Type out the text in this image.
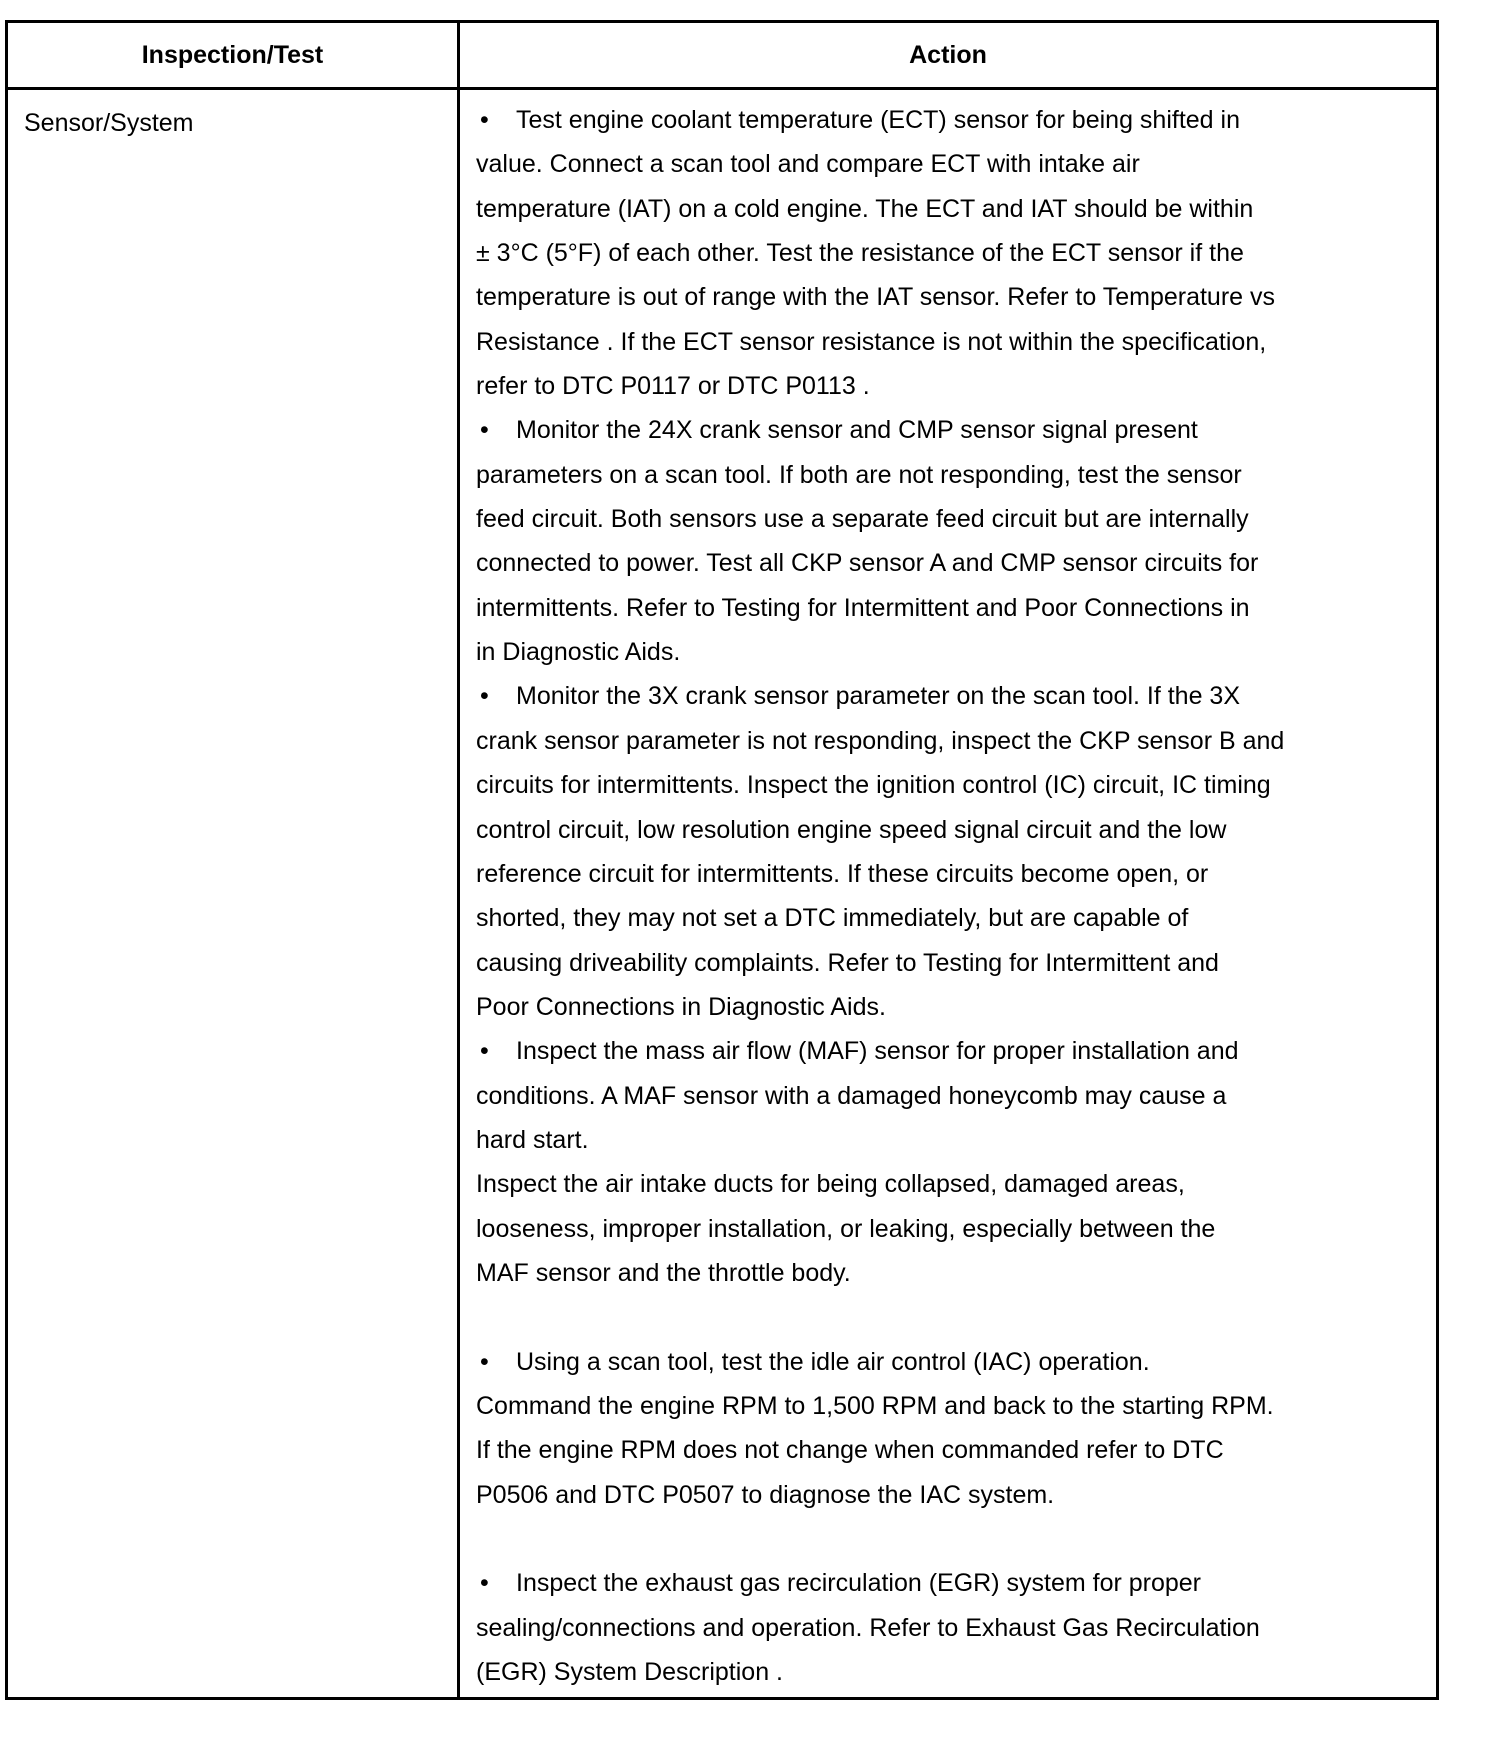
Inspection/Test	Action
Sensor/System	• Test engine coolant temperature (ECT) sensor for being shifted in
value. Connect a scan tool and compare ECT with intake air
temperature (IAT) on a cold engine. The ECT and IAT should be within
± 3°C (5°F) of each other. Test the resistance of the ECT sensor if the
temperature is out of range with the IAT sensor. Refer to Temperature vs
Resistance . If the ECT sensor resistance is not within the specification,
refer to DTC P0117 or DTC P0113 .
• Monitor the 24X crank sensor and CMP sensor signal present
parameters on a scan tool. If both are not responding, test the sensor
feed circuit. Both sensors use a separate feed circuit but are internally
connected to power. Test all CKP sensor A and CMP sensor circuits for
intermittents. Refer to Testing for Intermittent and Poor Connections in
in Diagnostic Aids.
• Monitor the 3X crank sensor parameter on the scan tool. If the 3X
crank sensor parameter is not responding, inspect the CKP sensor B and
circuits for intermittents. Inspect the ignition control (IC) circuit, IC timing
control circuit, low resolution engine speed signal circuit and the low
reference circuit for intermittents. If these circuits become open, or
shorted, they may not set a DTC immediately, but are capable of
causing driveability complaints. Refer to Testing for Intermittent and
Poor Connections in Diagnostic Aids.
• Inspect the mass air flow (MAF) sensor for proper installation and
conditions. A MAF sensor with a damaged honeycomb may cause a
hard start.
Inspect the air intake ducts for being collapsed, damaged areas,
looseness, improper installation, or leaking, especially between the
MAF sensor and the throttle body.
• Using a scan tool, test the idle air control (IAC) operation.
Command the engine RPM to 1,500 RPM and back to the starting RPM.
If the engine RPM does not change when commanded refer to DTC
P0506 and DTC P0507 to diagnose the IAC system.
• Inspect the exhaust gas recirculation (EGR) system for proper
sealing/connections and operation. Refer to Exhaust Gas Recirculation
(EGR) System Description .
